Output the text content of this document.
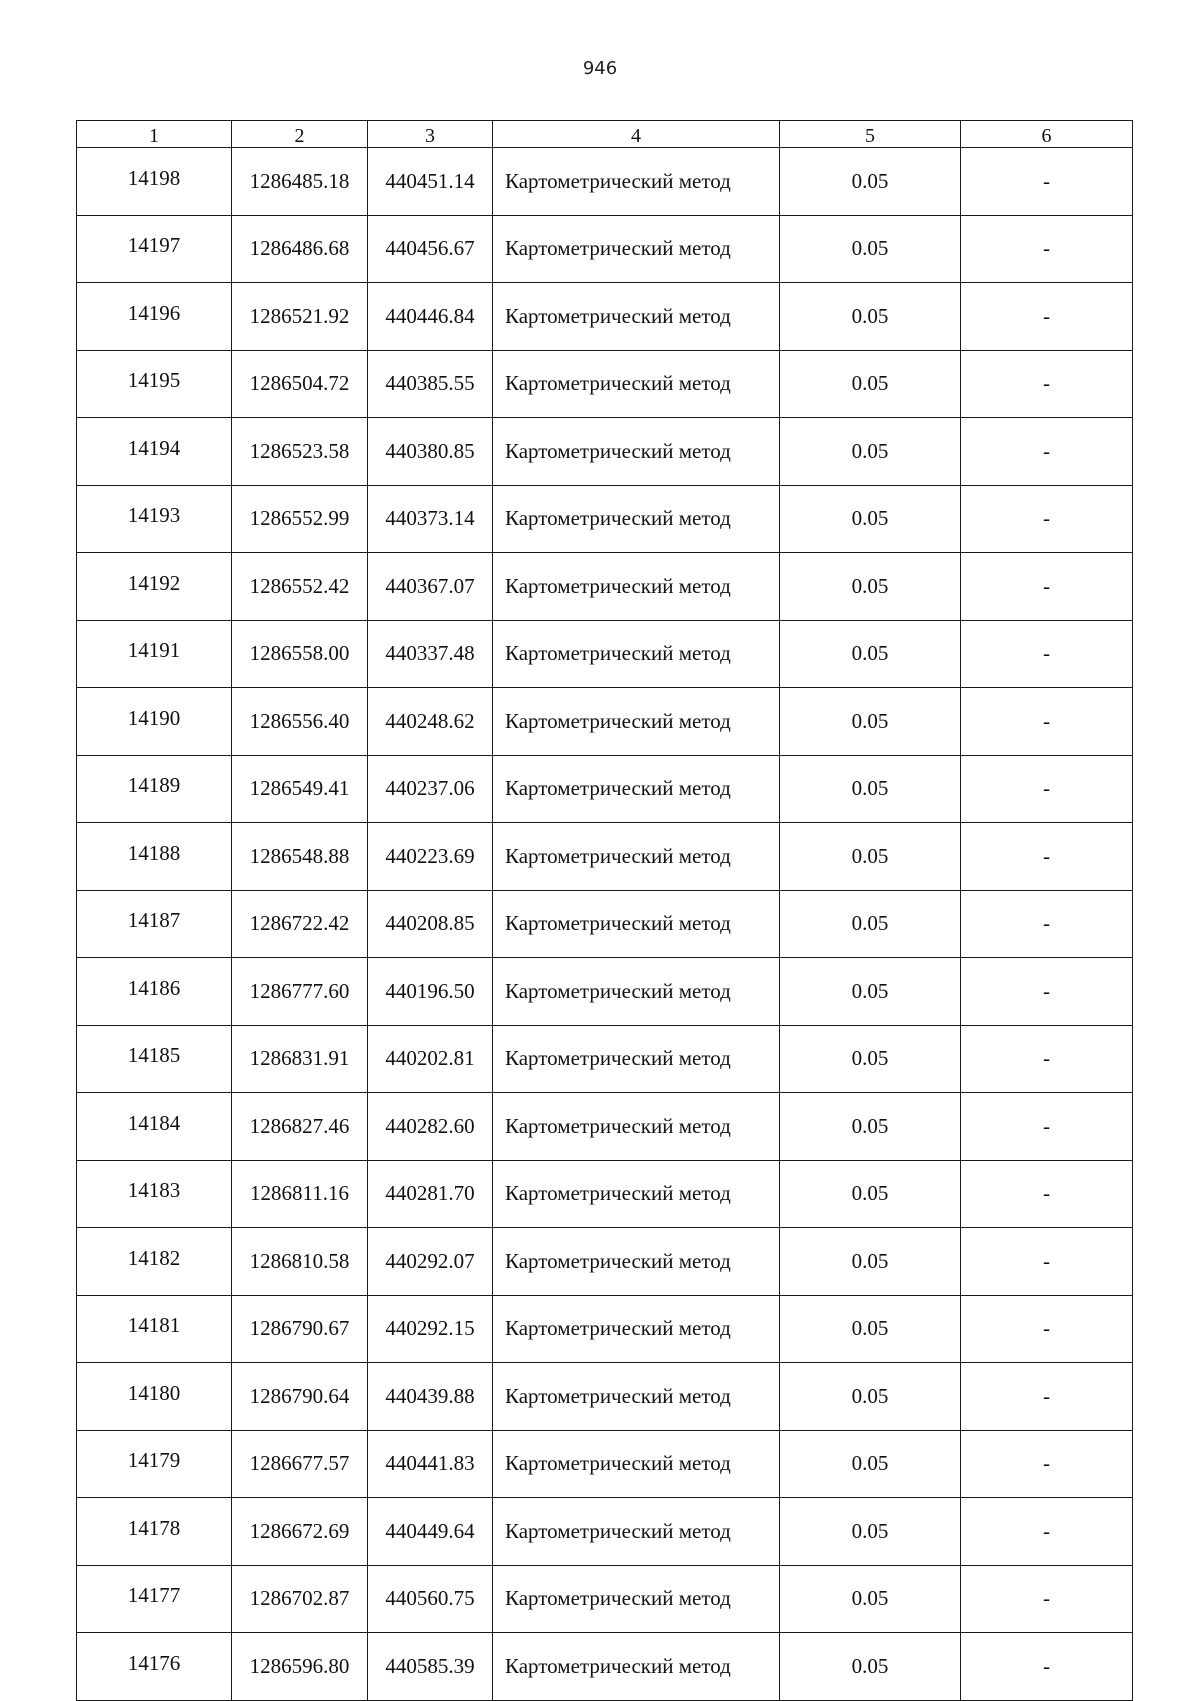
946
1	2	3	4	5	6
14198	1286485.18	440451.14	Картометрический метод	0.05	-
14197	1286486.68	440456.67	Картометрический метод	0.05	-
14196	1286521.92	440446.84	Картометрический метод	0.05	-
14195	1286504.72	440385.55	Картометрический метод	0.05	-
14194	1286523.58	440380.85	Картометрический метод	0.05	-
14193	1286552.99	440373.14	Картометрический метод	0.05	-
14192	1286552.42	440367.07	Картометрический метод	0.05	-
14191	1286558.00	440337.48	Картометрический метод	0.05	-
14190	1286556.40	440248.62	Картометрический метод	0.05	-
14189	1286549.41	440237.06	Картометрический метод	0.05	-
14188	1286548.88	440223.69	Картометрический метод	0.05	-
14187	1286722.42	440208.85	Картометрический метод	0.05	-
14186	1286777.60	440196.50	Картометрический метод	0.05	-
14185	1286831.91	440202.81	Картометрический метод	0.05	-
14184	1286827.46	440282.60	Картометрический метод	0.05	-
14183	1286811.16	440281.70	Картометрический метод	0.05	-
14182	1286810.58	440292.07	Картометрический метод	0.05	-
14181	1286790.67	440292.15	Картометрический метод	0.05	-
14180	1286790.64	440439.88	Картометрический метод	0.05	-
14179	1286677.57	440441.83	Картометрический метод	0.05	-
14178	1286672.69	440449.64	Картометрический метод	0.05	-
14177	1286702.87	440560.75	Картометрический метод	0.05	-
14176	1286596.80	440585.39	Картометрический метод	0.05	-
